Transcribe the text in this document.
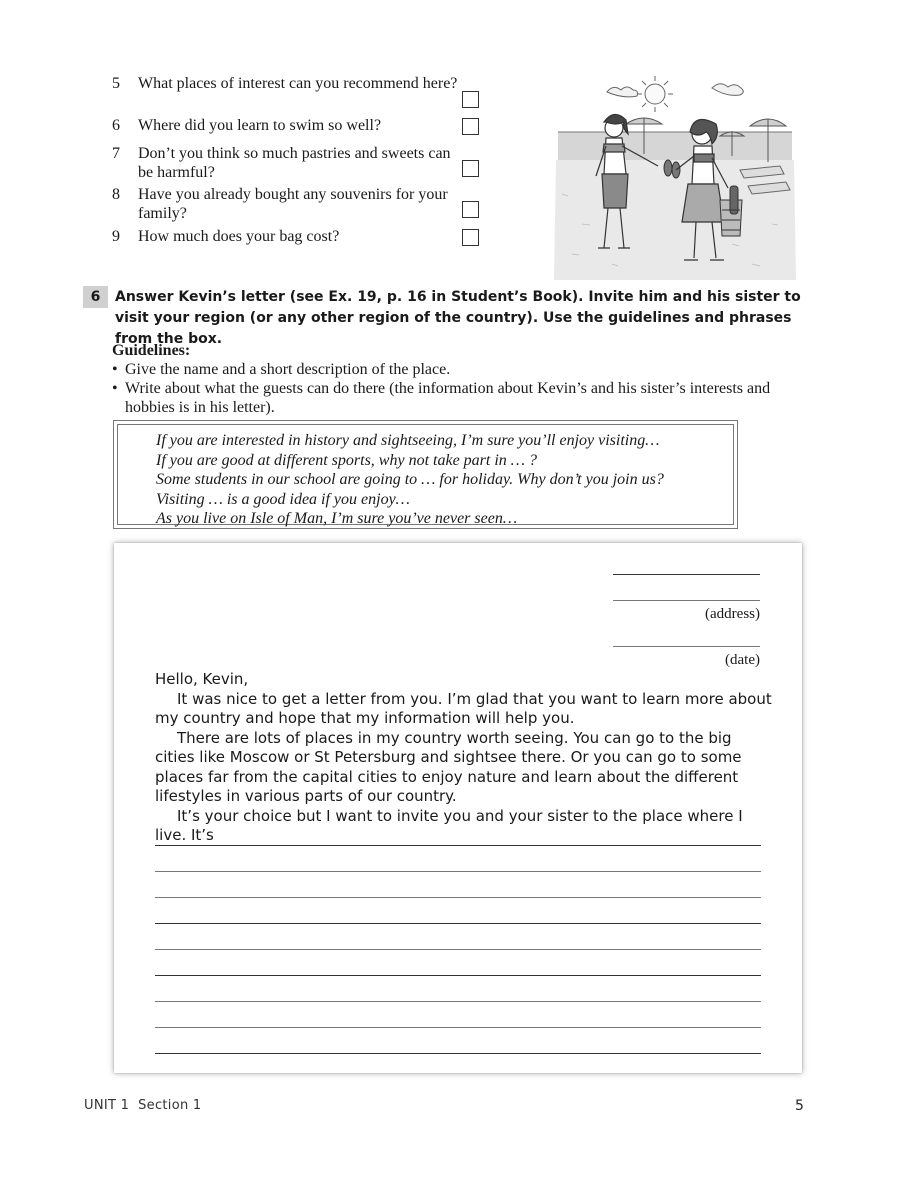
5	What places of interest can you recommend here?
6	Where did you learn to swim so well?
7	Don’t you think so much pastries and sweets can be harmful?
8	Have you already bought any souvenirs for your family?
9	How much does your bag cost?
6	Answer Kevin’s letter (see Ex. 19, p. 16 in Student’s Book). Invite him and his sister to visit your region (or any other region of the country). Use the guidelines and phrases from the box.
Guidelines:
• Give the name and a short description of the place.
• Write about what the guests can do there (the information about Kevin’s and his sister’s interests and hobbies is in his letter).
If you are interested in history and sightseeing, I’m sure you’ll enjoy visiting…
If you are good at different sports, why not take part in … ?
Some students in our school are going to … for holiday. Why don’t you join us?
Visiting … is a good idea if you enjoy…
As you live on Isle of Man, I’m sure you’ve never seen…
(address)
(date)

Hello, Kevin,

It was nice to get a letter from you. I’m glad that you want to learn more about my country and hope that my information will help you.

There are lots of places in my country worth seeing. You can go to the big cities like Moscow or St Petersburg and sightsee there. Or you can go to some places far from the capital cities to enjoy nature and learn about the different lifestyles in various parts of our country.

It’s your choice but I want to invite you and your sister to the place where I live. It’s

UNIT 1 Section 1	5
